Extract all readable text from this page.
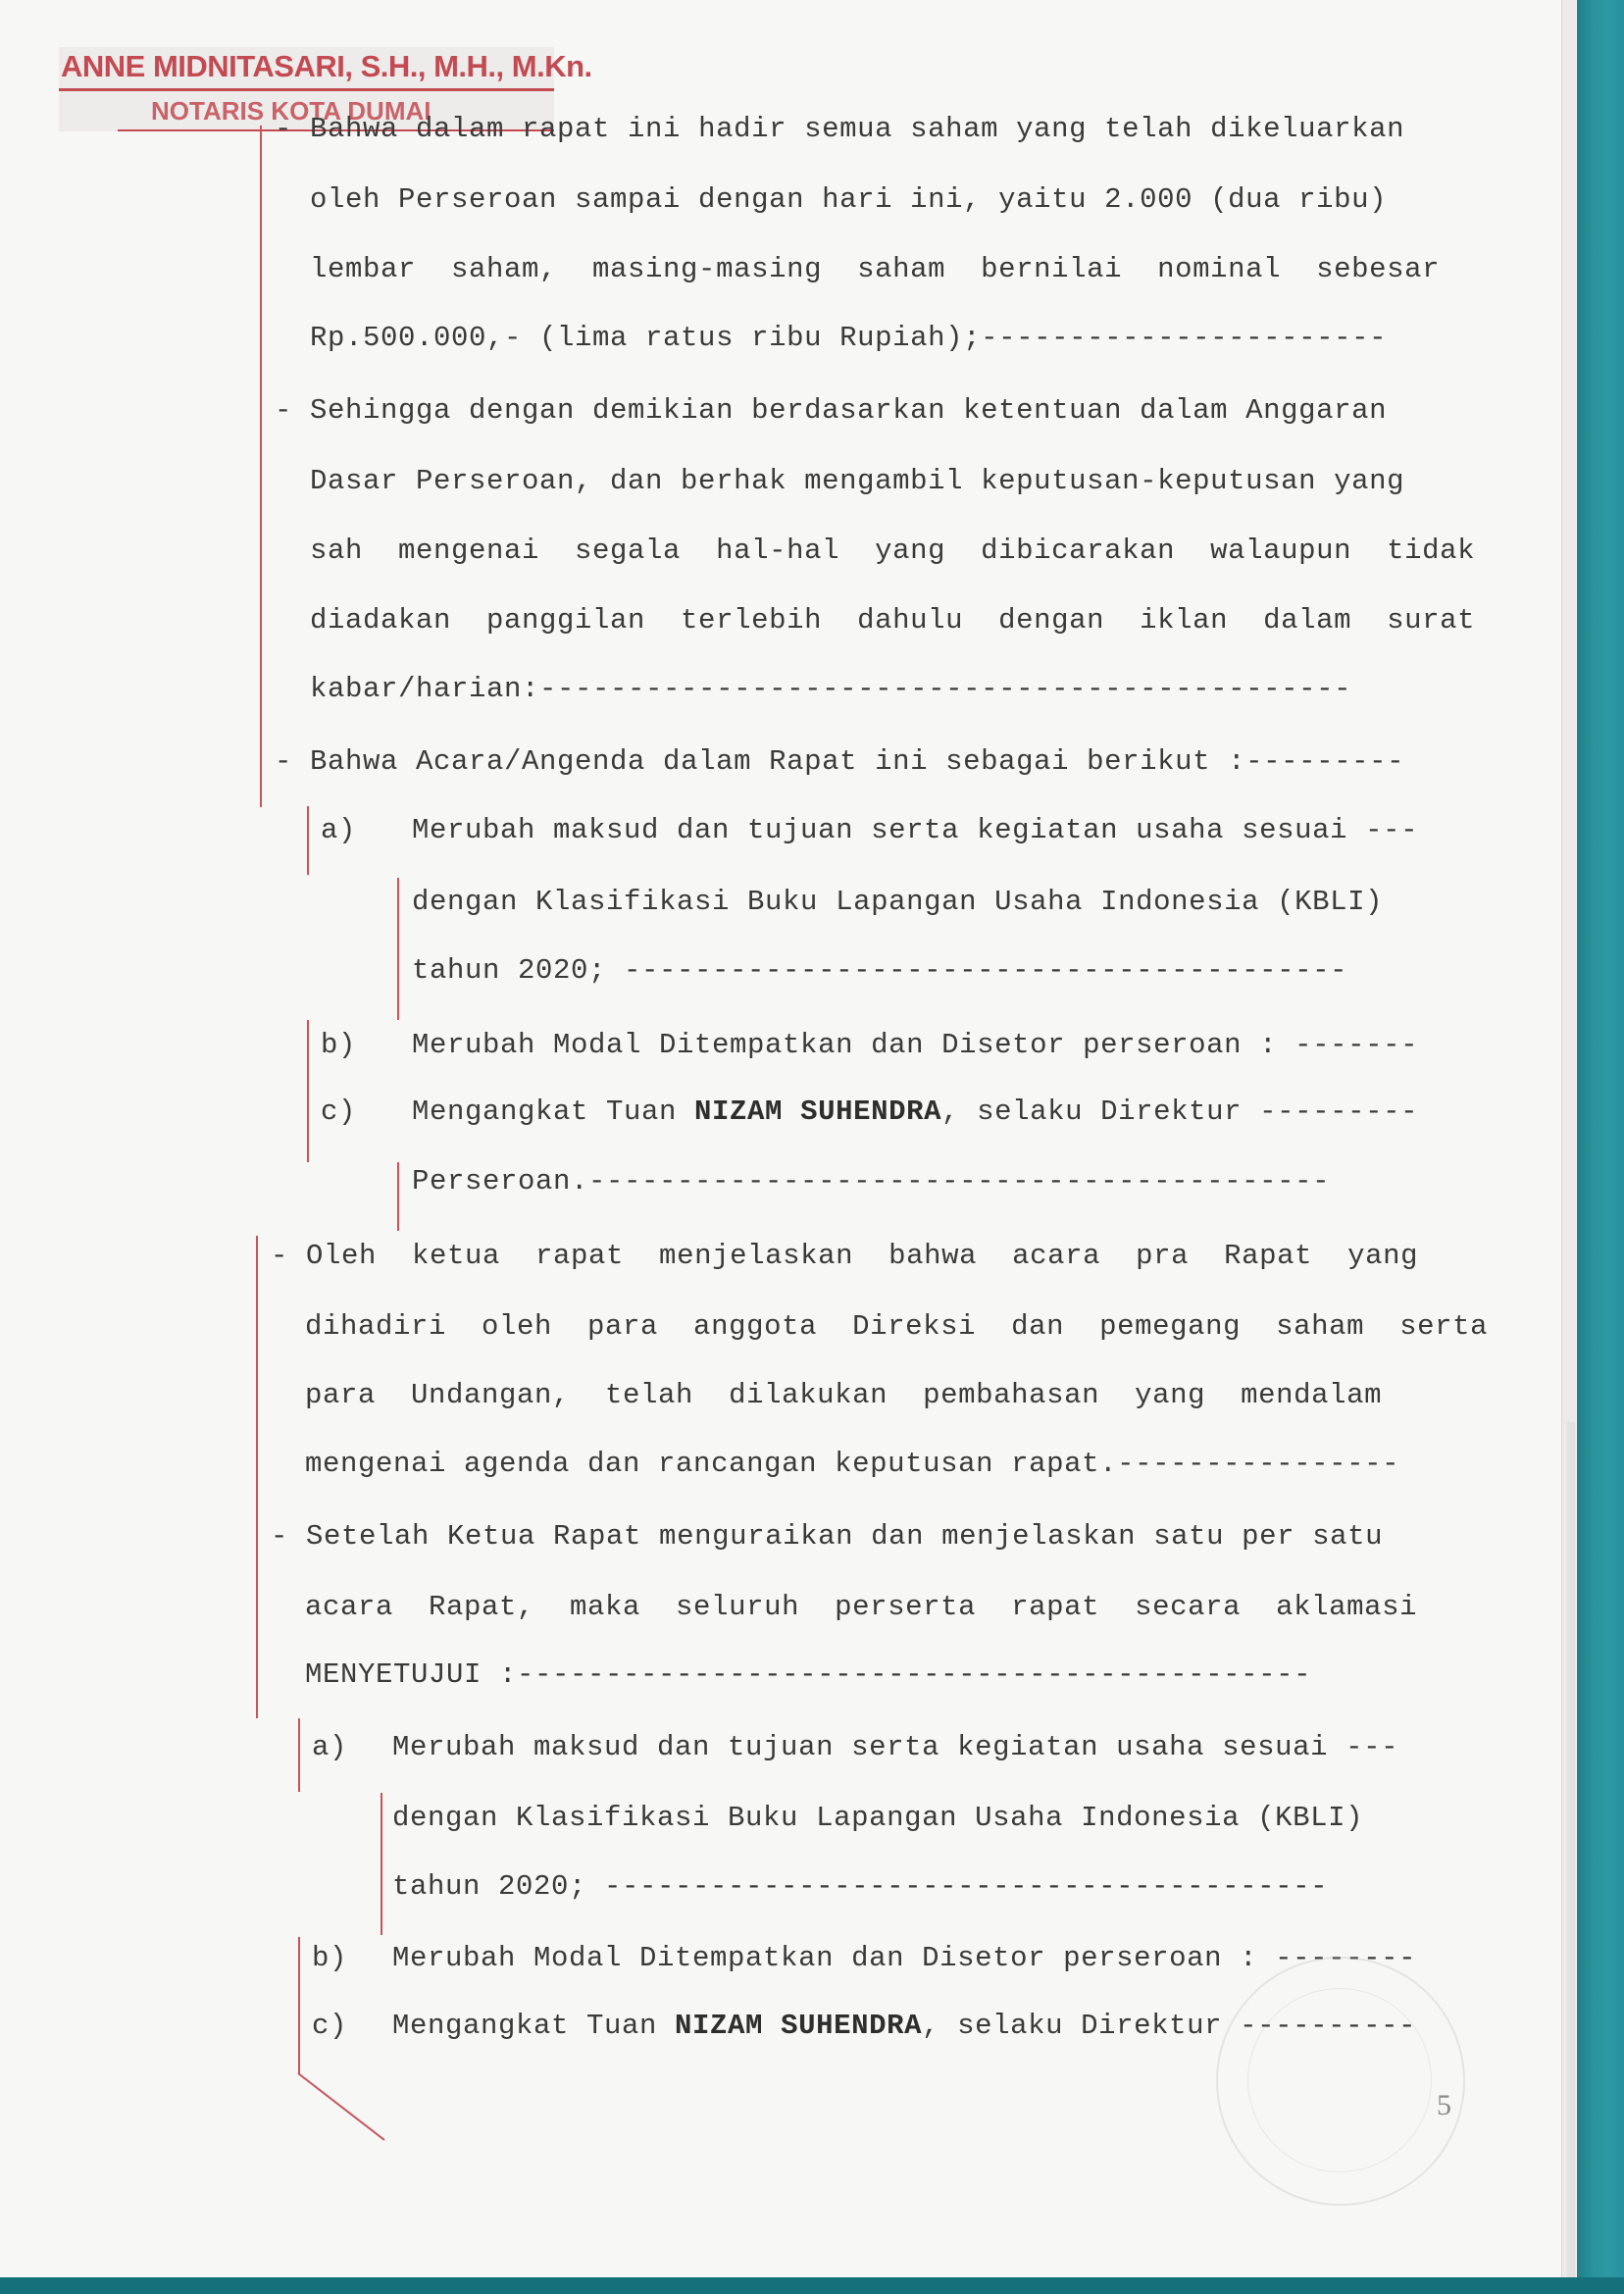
ANNE MIDNITASARI, S.H., M.H., M.Kn.
NOTARIS KOTA DUMAI
- Bahwa dalam rapat ini hadir semua saham yang telah dikeluarkan
oleh Perseroan sampai dengan hari ini, yaitu 2.000 (dua ribu)
lembar  saham,  masing-masing  saham  bernilai  nominal  sebesar
Rp.500.000,- (lima ratus ribu Rupiah);-----------------------
- Sehingga dengan demikian berdasarkan ketentuan dalam Anggaran
Dasar Perseroan, dan berhak mengambil keputusan-keputusan yang
sah  mengenai  segala  hal-hal  yang  dibicarakan  walaupun  tidak
diadakan  panggilan  terlebih  dahulu  dengan  iklan  dalam  surat
kabar/harian:----------------------------------------------
- Bahwa Acara/Angenda dalam Rapat ini sebagai berikut :---------
a) Merubah maksud dan tujuan serta kegiatan usaha sesuai ---
dengan Klasifikasi Buku Lapangan Usaha Indonesia (KBLI)
tahun 2020; -----------------------------------------
b) Merubah Modal Ditempatkan dan Disetor perseroan : -------
c) Mengangkat Tuan NIZAM SUHENDRA, selaku Direktur ---------
Perseroan.------------------------------------------
- Oleh  ketua  rapat  menjelaskan  bahwa  acara  pra  Rapat  yang
dihadiri  oleh  para  anggota  Direksi  dan  pemegang  saham  serta
para  Undangan,  telah  dilakukan  pembahasan  yang  mendalam
mengenai agenda dan rancangan keputusan rapat.----------------
- Setelah Ketua Rapat menguraikan dan menjelaskan satu per satu
acara  Rapat,  maka  seluruh  perserta  rapat  secara  aklamasi
MENYETUJUI :---------------------------------------------
a) Merubah maksud dan tujuan serta kegiatan usaha sesuai ---
dengan Klasifikasi Buku Lapangan Usaha Indonesia (KBLI)
tahun 2020; -----------------------------------------
b) Merubah Modal Ditempatkan dan Disetor perseroan : --------
c) Mengangkat Tuan NIZAM SUHENDRA, selaku Direktur ----------
5
